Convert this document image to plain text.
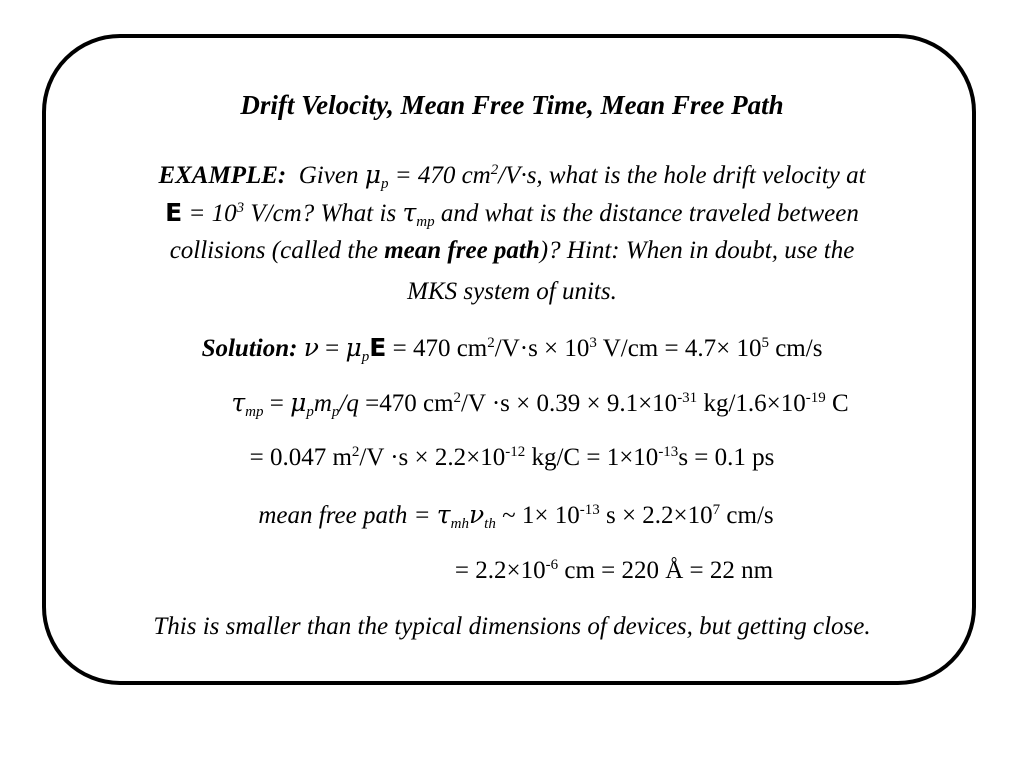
Drift Velocity, Mean Free Time, Mean Free Path
EXAMPLE: Given $\mu_p = 470$ $cm^2/V\cdot s$, what is the hole drift velocity at
$E = 10^3$ V/cm? What is $\tau_{mp}$ and what is the distance traveled between
collisions (called the mean free path)? Hint: When in doubt, use the
MKS system of units.
Solution: $\nu = \mu_pE = 470$ $cm^2/V\cdot s \times 10^3$ $V/cm = 4.7\times 10^5$ cm/s
$\tau_{mp} = \mu_pm_p/q =470$ $cm^2/V \cdot s \times 0.39 \times 9.1\times 10^{-31}$ $kg/1.6\times 10^{-19}$ C
= 0.047 $m^2/V \cdot s \times 2.2\times 10^{-12}$ $kg/C = 1\times 10^{-13}s = 0.1$ ps
mean free path = $\tau_{mh}\nu_{th}$ ~ $1\times 10^{-13}$ $s \times 2.2\times 10^7$ cm/s
= $2.2\times 10^{-6}$ cm = 220 Å = 22 nm
This is smaller than the typical dimensions of devices, but getting close.
